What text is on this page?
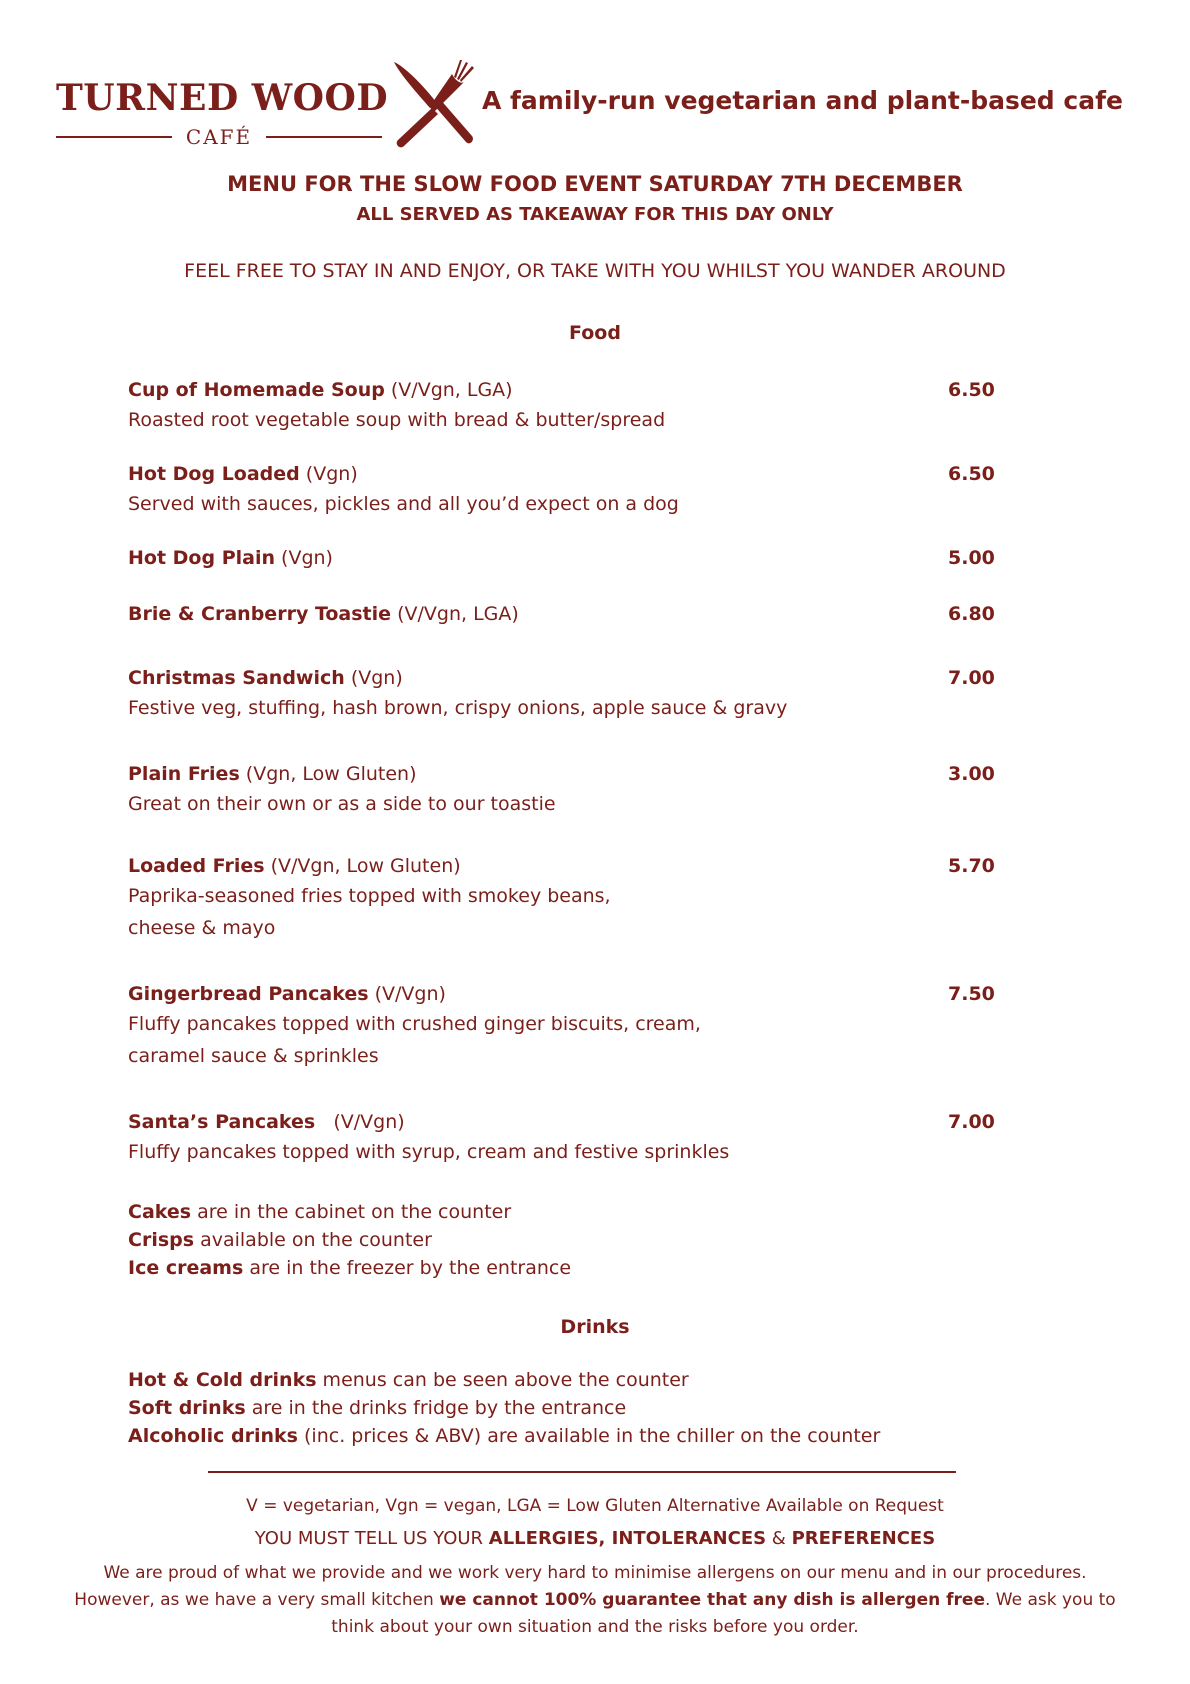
TURNED WOOD
CAFÉ
A family-run vegetarian and plant-based cafe
MENU FOR THE SLOW FOOD EVENT SATURDAY 7TH DECEMBER
ALL SERVED AS TAKEAWAY FOR THIS DAY ONLY
FEEL FREE TO STAY IN AND ENJOY, OR TAKE WITH YOU WHILST YOU WANDER AROUND
Food
Cup of Homemade Soup (V/Vgn, LGA)	6.50
Roasted root vegetable soup with bread & butter/spread
Hot Dog Loaded (Vgn)	6.50
Served with sauces, pickles and all you’d expect on a dog
Hot Dog Plain (Vgn)	5.00
Brie & Cranberry Toastie (V/Vgn, LGA)	6.80
Christmas Sandwich (Vgn)	7.00
Festive veg, stuffing, hash brown, crispy onions, apple sauce & gravy
Plain Fries (Vgn, Low Gluten)	3.00
Great on their own or as a side to our toastie
Loaded Fries (V/Vgn, Low Gluten)	5.70
Paprika-seasoned fries topped with smokey beans,
cheese & mayo
Gingerbread Pancakes (V/Vgn)	7.50
Fluffy pancakes topped with crushed ginger biscuits, cream,
caramel sauce & sprinkles
Santa’s Pancakes   (V/Vgn)	7.00
Fluffy pancakes topped with syrup, cream and festive sprinkles
Cakes are in the cabinet on the counter
Crisps available on the counter
Ice creams are in the freezer by the entrance
Drinks
Hot & Cold drinks menus can be seen above the counter
Soft drinks are in the drinks fridge by the entrance
Alcoholic drinks (inc. prices & ABV) are available in the chiller on the counter
V = vegetarian, Vgn = vegan, LGA = Low Gluten Alternative Available on Request
YOU MUST TELL US YOUR ALLERGIES, INTOLERANCES & PREFERENCES
We are proud of what we provide and we work very hard to minimise allergens on our menu and in our procedures. However, as we have a very small kitchen we cannot 100% guarantee that any dish is allergen free. We ask you to think about your own situation and the risks before you order.
